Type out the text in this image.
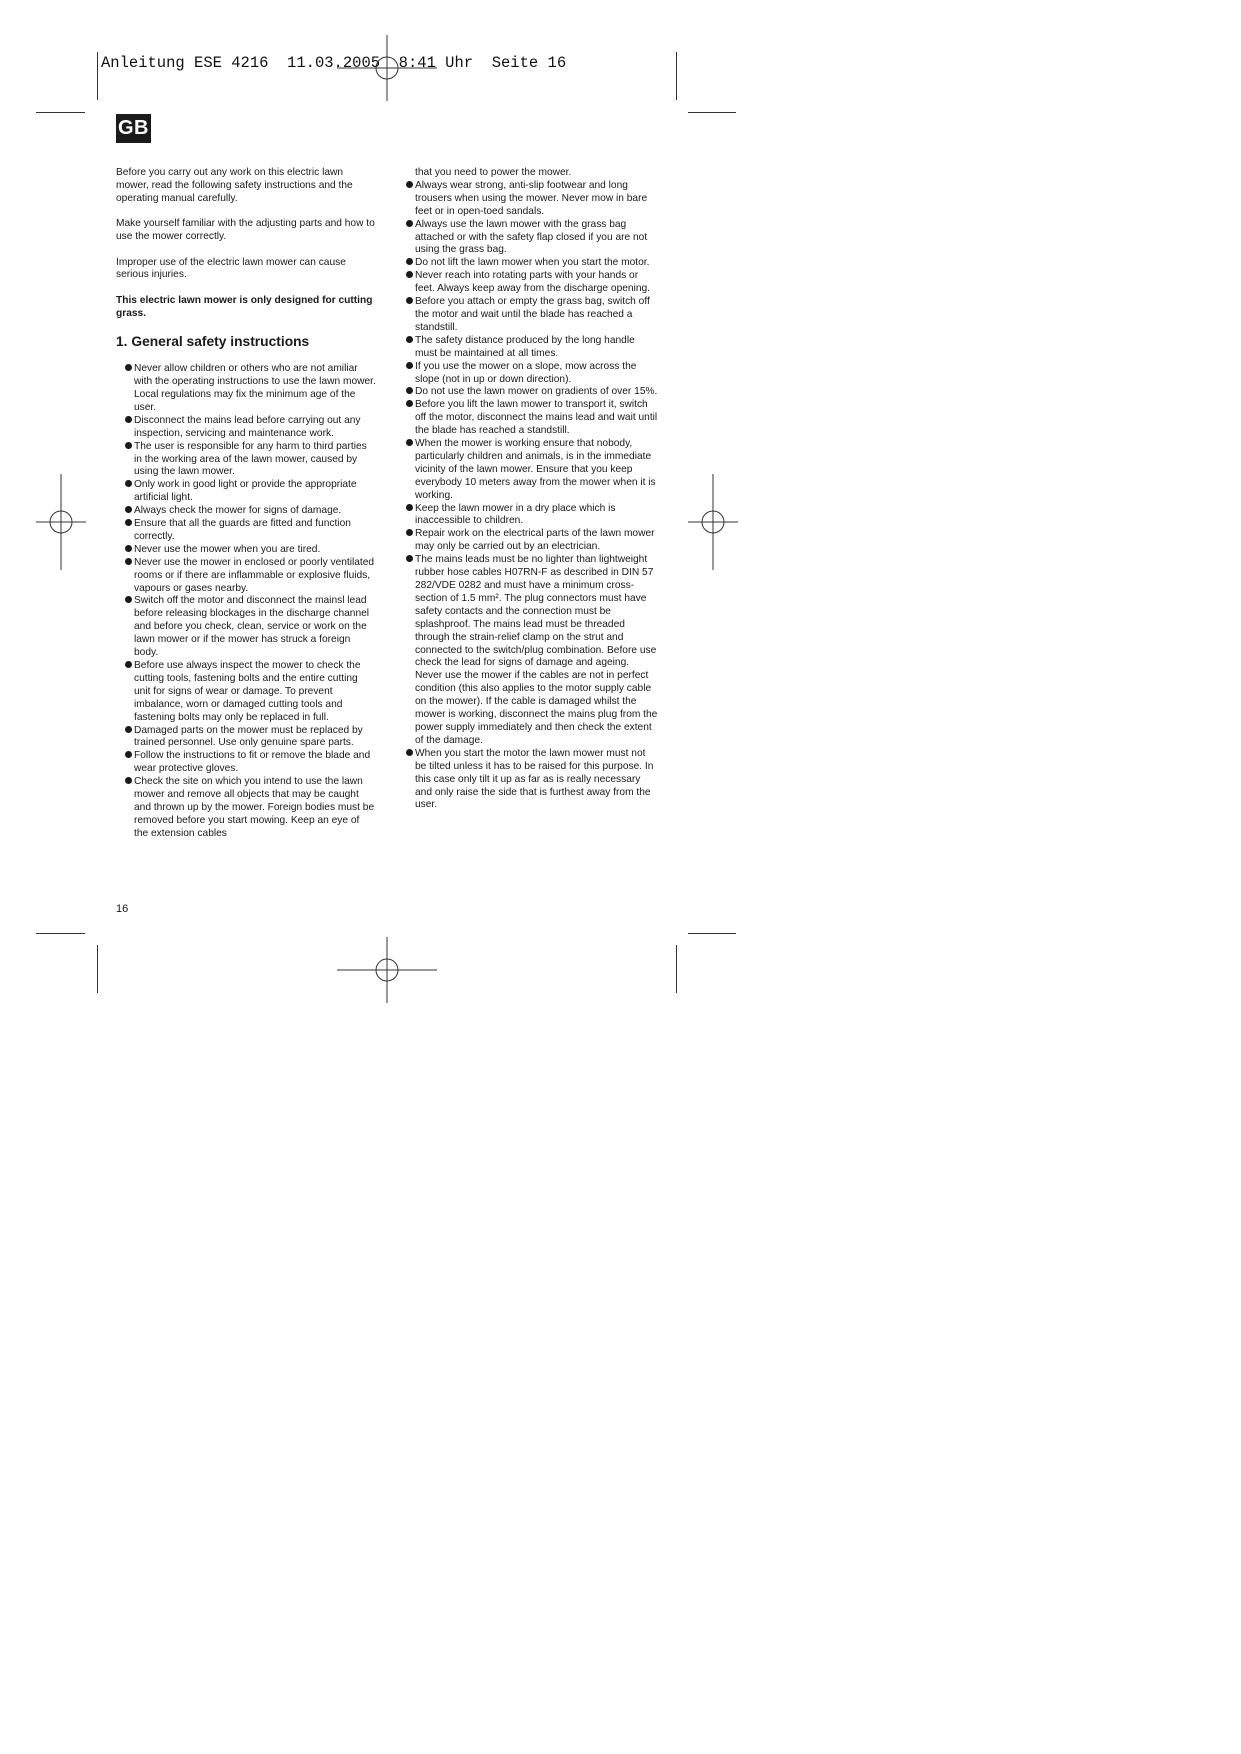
Anleitung ESE 4216 11.03.2005 8:41 Uhr Seite 16
GB

Before you carry out any work on this electric lawn mower, read the following safety instructions and the operating manual carefully.

Make yourself familiar with the adjusting parts and how to use the mower correctly.

Improper use of the electric lawn mower can cause serious injuries.

This electric lawn mower is only designed for cutting grass.

1. General safety instructions
Never allow children or others who are not amiliar with the operating instructions to use the lawn mower. Local regulations may fix the minimum age of the user.
Disconnect the mains lead before carrying out any inspection, servicing and maintenance work.
The user is responsible for any harm to third parties in the working area of the lawn mower, caused by using the lawn mower.
Only work in good light or provide the appropriate artificial light.
Always check the mower for signs of damage.
Ensure that all the guards are fitted and function correctly.
Never use the mower when you are tired.
Never use the mower in enclosed or poorly ventilated rooms or if there are inflammable or explosive fluids, vapours or gases nearby.
Switch off the motor and disconnect the mainsl lead before releasing blockages in the discharge channel and before you check, clean, service or work on the lawn mower or if the mower has struck a foreign body.
Before use always inspect the mower to check the cutting tools, fastening bolts and the entire cutting unit for signs of wear or damage. To prevent imbalance, worn or damaged cutting tools and fastening bolts may only be replaced in full.
Damaged parts on the mower must be replaced by trained personnel. Use only genuine spare parts.
Follow the instructions to fit or remove the blade and wear protective gloves.
Check the site on which you intend to use the lawn mower and remove all objects that may be caught and thrown up by the mower. Foreign bodies must be removed before you start mowing. Keep an eye of the extension cables
that you need to power the mower.
Always wear strong, anti-slip footwear and long trousers when using the mower. Never mow in bare feet or in open-toed sandals.
Always use the lawn mower with the grass bag attached or with the safety flap closed if you are not using the grass bag.
Do not lift the lawn mower when you start the motor.
Never reach into rotating parts with your hands or feet. Always keep away from the discharge opening.
Before you attach or empty the grass bag, switch off the motor and wait until the blade has reached a standstill.
The safety distance produced by the long handle must be maintained at all times.
If you use the mower on a slope, mow across the slope (not in up or down direction).
Do not use the lawn mower on gradients of over 15%.
Before you lift the lawn mower to transport it, switch off the motor, disconnect the mains lead and wait until the blade has reached a standstill.
When the mower is working ensure that nobody, particularly children and animals, is in the immediate vicinity of the lawn mower. Ensure that you keep everybody 10 meters away from the mower when it is working.
Keep the lawn mower in a dry place which is inaccessible to children.
Repair work on the electrical parts of the lawn mower may only be carried out by an electrician.
The mains leads must be no lighter than lightweight rubber hose cables H07RN-F as described in DIN 57 282/VDE 0282 and must have a minimum cross-section of 1.5 mm². The plug connectors must have safety contacts and the connection must be splashproof. The mains lead must be threaded through the strain-relief clamp on the strut and connected to the switch/plug combination. Before use check the lead for signs of damage and ageing. Never use the mower if the cables are not in perfect condition (this also applies to the motor supply cable on the mower). If the cable is damaged whilst the mower is working, disconnect the mains plug from the power supply immediately and then check the extent of the damage.
When you start the motor the lawn mower must not be tilted unless it has to be raised for this purpose. In this case only tilt it up as far as is really necessary and only raise the side that is furthest away from the user.
16
